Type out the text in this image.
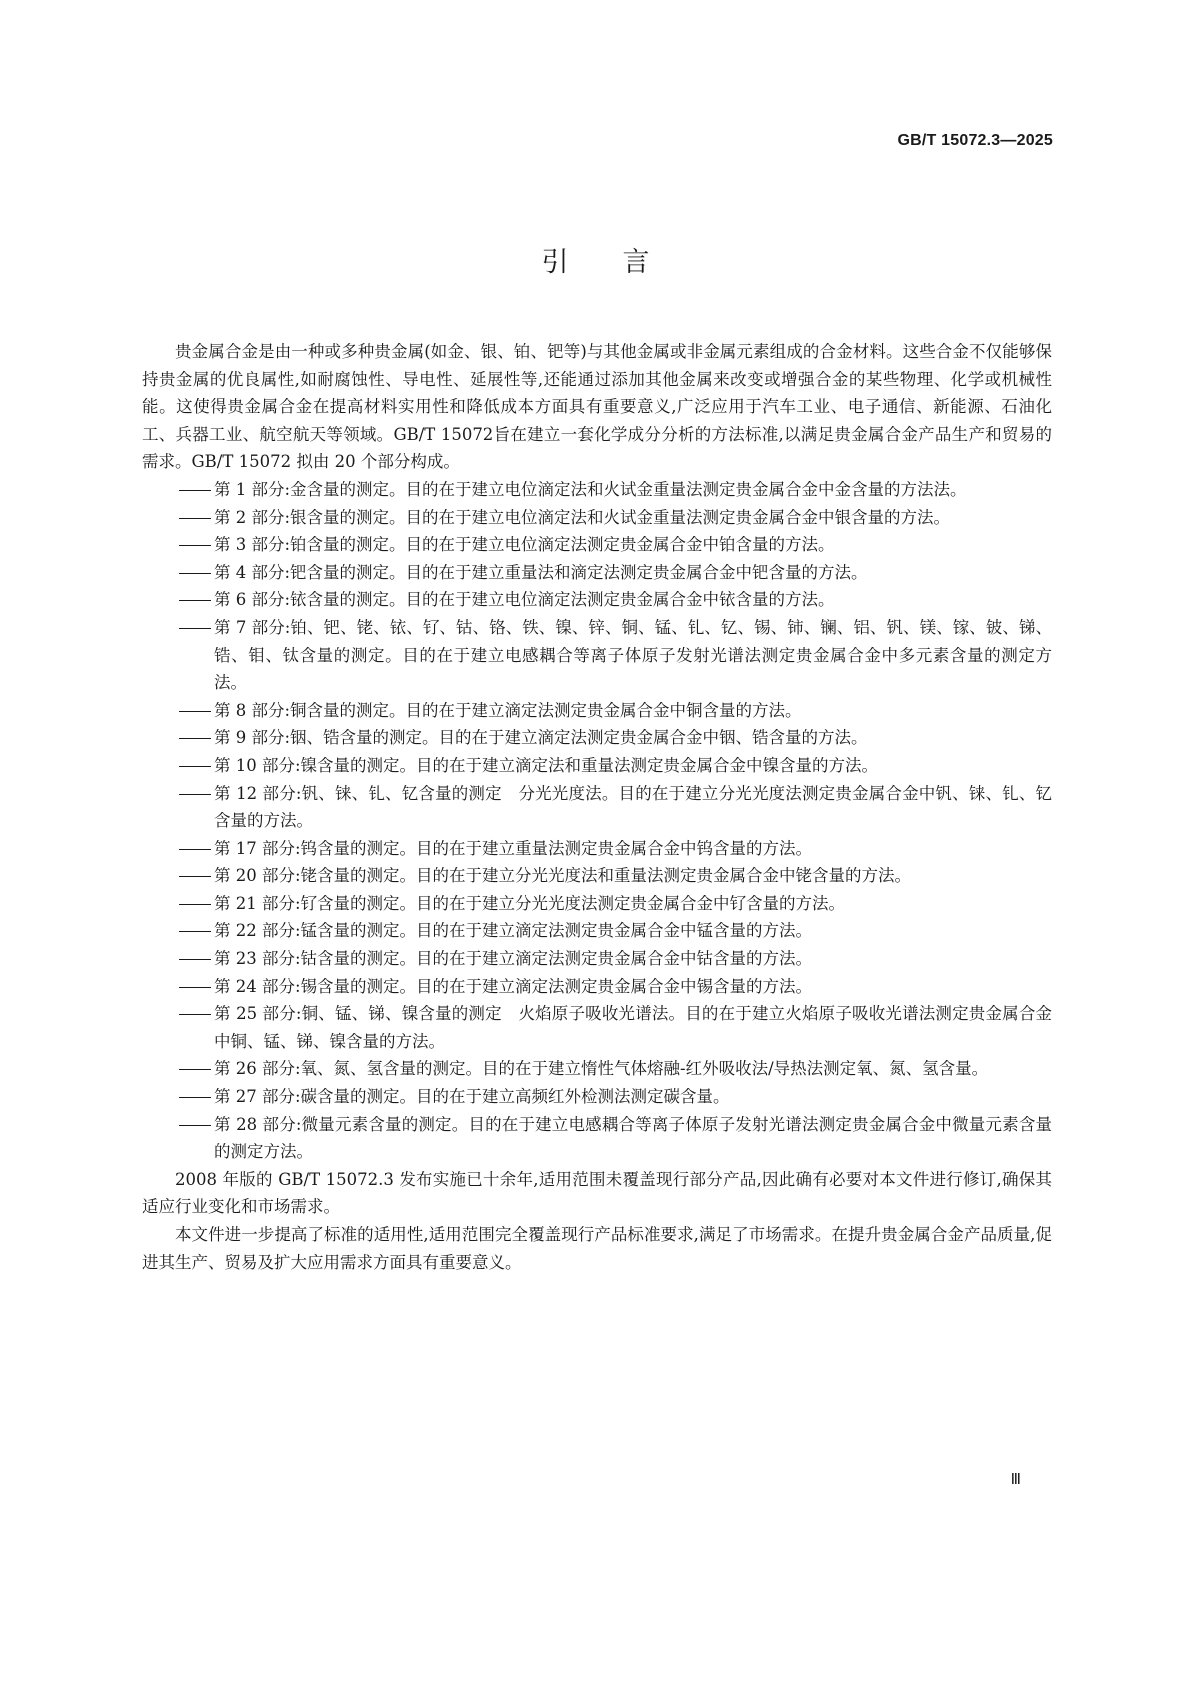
GB/T 15072.3—2025
引言

贵金属合金是由一种或多种贵金属(如金、银、铂、钯等)与其他金属或非金属元素组成的合金材料。这些合金不仅能够保持贵金属的优良属性,如耐腐蚀性、导电性、延展性等,还能通过添加其他金属来改变或增强合金的某些物理、化学或机械性能。这使得贵金属合金在提高材料实用性和降低成本方面具有重要意义,广泛应用于汽车工业、电子通信、新能源、石油化工、兵器工业、航空航天等领域。GB/T 15072旨在建立一套化学成分分析的方法标准,以满足贵金属合金产品生产和贸易的需求。GB/T 15072 拟由 20 个部分构成。

第 1 部分:金含量的测定。目的在于建立电位滴定法和火试金重量法测定贵金属合金中金含量的方法法。
第 2 部分:银含量的测定。目的在于建立电位滴定法和火试金重量法测定贵金属合金中银含量的方法。
第 3 部分:铂含量的测定。目的在于建立电位滴定法测定贵金属合金中铂含量的方法。
第 4 部分:钯含量的测定。目的在于建立重量法和滴定法测定贵金属合金中钯含量的方法。
第 6 部分:铱含量的测定。目的在于建立电位滴定法测定贵金属合金中铱含量的方法。
第 7 部分:铂、钯、铑、铱、钌、钴、铬、铁、镍、锌、铜、锰、钆、钇、锡、铈、镧、铝、钒、镁、镓、铍、锑、锆、钼、钛含量的测定。目的在于建立电感耦合等离子体原子发射光谱法测定贵金属合金中多元素含量的测定方法。
第 8 部分:铜含量的测定。目的在于建立滴定法测定贵金属合金中铜含量的方法。
第 9 部分:铟、锆含量的测定。目的在于建立滴定法测定贵金属合金中铟、锆含量的方法。
第 10 部分:镍含量的测定。目的在于建立滴定法和重量法测定贵金属合金中镍含量的方法。
第 12 部分:钒、铼、钆、钇含量的测定　分光光度法。目的在于建立分光光度法测定贵金属合金中钒、铼、钆、钇含量的方法。
第 17 部分:钨含量的测定。目的在于建立重量法测定贵金属合金中钨含量的方法。
第 20 部分:铑含量的测定。目的在于建立分光光度法和重量法测定贵金属合金中铑含量的方法。
第 21 部分:钌含量的测定。目的在于建立分光光度法测定贵金属合金中钌含量的方法。
第 22 部分:锰含量的测定。目的在于建立滴定法测定贵金属合金中锰含量的方法。
第 23 部分:钴含量的测定。目的在于建立滴定法测定贵金属合金中钴含量的方法。
第 24 部分:锡含量的测定。目的在于建立滴定法测定贵金属合金中锡含量的方法。
第 25 部分:铜、锰、锑、镍含量的测定　火焰原子吸收光谱法。目的在于建立火焰原子吸收光谱法测定贵金属合金中铜、锰、锑、镍含量的方法。
第 26 部分:氧、氮、氢含量的测定。目的在于建立惰性气体熔融-红外吸收法/导热法测定氧、氮、氢含量。
第 27 部分:碳含量的测定。目的在于建立高频红外检测法测定碳含量。
第 28 部分:微量元素含量的测定。目的在于建立电感耦合等离子体原子发射光谱法测定贵金属合金中微量元素含量的测定方法。

2008 年版的 GB/T 15072.3 发布实施已十余年,适用范围未覆盖现行部分产品,因此确有必要对本文件进行修订,确保其适应行业变化和市场需求。

本文件进一步提高了标准的适用性,适用范围完全覆盖现行产品标准要求,满足了市场需求。在提升贵金属合金产品质量,促进其生产、贸易及扩大应用需求方面具有重要意义。

Ⅲ
